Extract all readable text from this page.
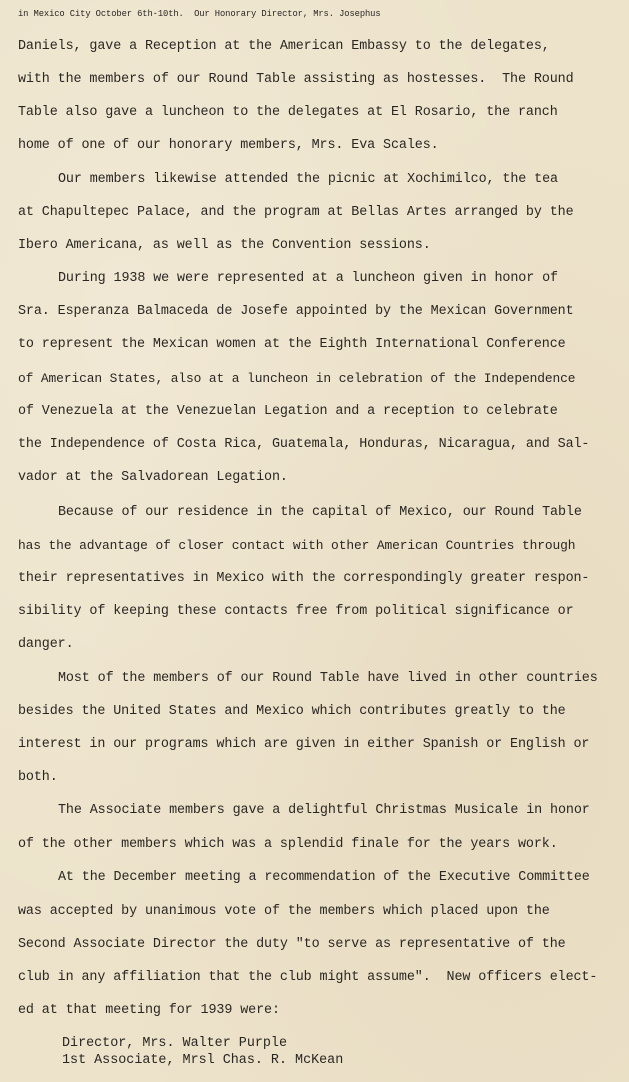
in Mexico City October 6th-10th.  Our Honorary Director, Mrs. Josephus
Daniels, gave a Reception at the American Embassy to the delegates,
with the members of our Round Table assisting as hostesses.  The Round
Table also gave a luncheon to the delegates at El Rosario, the ranch
home of one of our honorary members, Mrs. Eva Scales.
Our members likewise attended the picnic at Xochimilco, the tea
at Chapultepec Palace, and the program at Bellas Artes arranged by the
Ibero Americana, as well as the Convention sessions.
During 1938 we were represented at a luncheon given in honor of
Sra. Esperanza Balmaceda de Josefe appointed by the Mexican Government
to represent the Mexican women at the Eighth International Conference
of American States, also at a luncheon in celebration of the Independence
of Venezuela at the Venezuelan Legation and a reception to celebrate
the Independence of Costa Rica, Guatemala, Honduras, Nicaragua, and Sal-
vador at the Salvadorean Legation.
Because of our residence in the capital of Mexico, our Round Table
has the advantage of closer contact with other American Countries through
their representatives in Mexico with the correspondingly greater respon-
sibility of keeping these contacts free from political significance or
danger.
Most of the members of our Round Table have lived in other countries
besides the United States and Mexico which contributes greatly to the
interest in our programs which are given in either Spanish or English or
both.
The Associate members gave a delightful Christmas Musicale in honor
of the other members which was a splendid finale for the years work.
At the December meeting a recommendation of the Executive Committee
was accepted by unanimous vote of the members which placed upon the
Second Associate Director the duty "to serve as representative of the
club in any affiliation that the club might assume".  New officers elect-
ed at that meeting for 1939 were:
Director, Mrs. Walter Purple
1st Associate, Mrsl Chas. R. McKean
